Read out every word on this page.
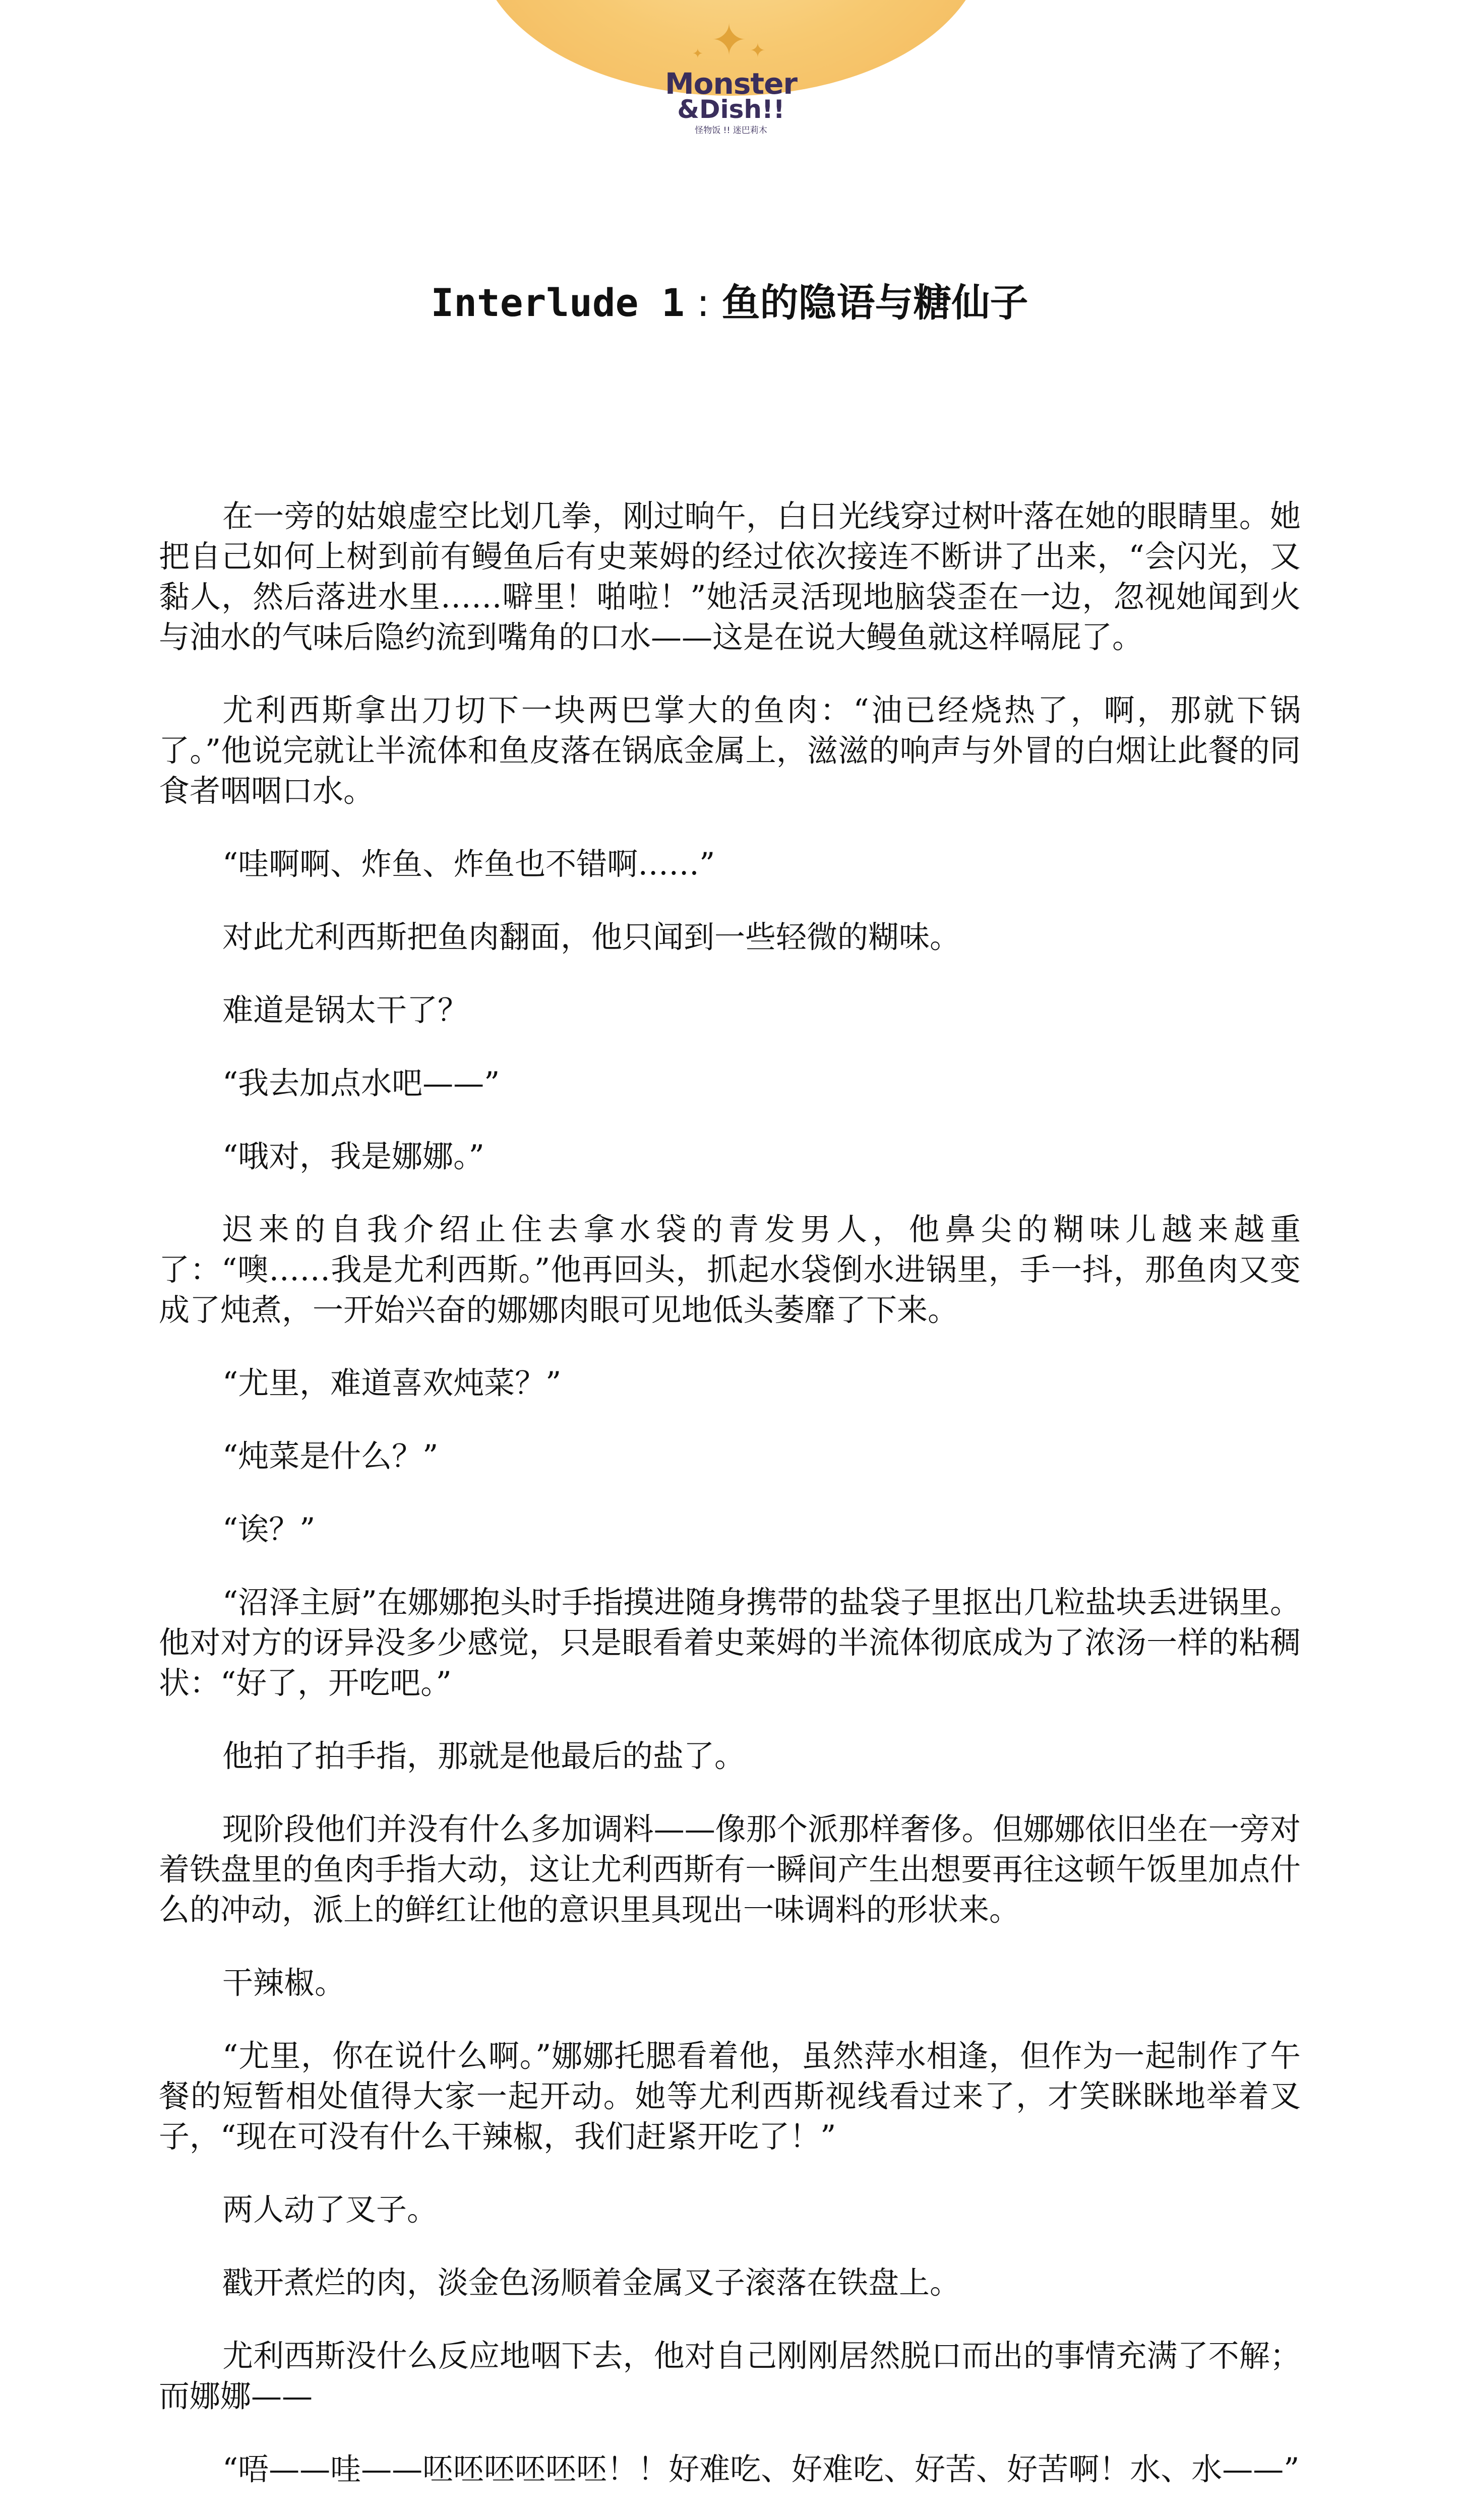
✦ ✦
✦
Monster
&Dish!!
怪物饭 !! 迷巴莉木
Interlude 1 : 鱼的隐语与糖仙子

在一旁的姑娘虚空比划几拳，刚过晌午，白日光线穿过树叶落在她的眼睛里。她把自己如何上树到前有鳗鱼后有史莱姆的经过依次接连不断讲了出来，“会闪光，又黏人，然后落进水里……噼里！啪啦！”她活灵活现地脑袋歪在一边，忽视她闻到火与油水的气味后隐约流到嘴角的口水——这是在说大鳗鱼就这样嗝屁了。

尤利西斯拿出刀切下一块两巴掌大的鱼肉：“油已经烧热了，啊，那就下锅了。”他说完就让半流体和鱼皮落在锅底金属上，滋滋的响声与外冒的白烟让此餐的同食者咽咽口水。

“哇啊啊、炸鱼、炸鱼也不错啊……”

对此尤利西斯把鱼肉翻面，他只闻到一些轻微的糊味。

难道是锅太干了？

“我去加点水吧——”

“哦对，我是娜娜。”

迟来的自我介绍止住去拿水袋的青发男人，他鼻尖的糊味儿越来越重了：“噢……我是尤利西斯。”他再回头，抓起水袋倒水进锅里，手一抖，那鱼肉又变成了炖煮，一开始兴奋的娜娜肉眼可见地低头萎靡了下来。

“尤里，难道喜欢炖菜？”

“炖菜是什么？”

“诶？”

“沼泽主厨”在娜娜抱头时手指摸进随身携带的盐袋子里抠出几粒盐块丢进锅里。他对对方的讶异没多少感觉，只是眼看着史莱姆的半流体彻底成为了浓汤一样的粘稠状：“好了，开吃吧。”

他拍了拍手指，那就是他最后的盐了。

现阶段他们并没有什么多加调料——像那个派那样奢侈。但娜娜依旧坐在一旁对着铁盘里的鱼肉手指大动，这让尤利西斯有一瞬间产生出想要再往这顿午饭里加点什么的冲动，派上的鲜红让他的意识里具现出一味调料的形状来。

干辣椒。

“尤里，你在说什么啊。”娜娜托腮看着他，虽然萍水相逢，但作为一起制作了午餐的短暂相处值得大家一起开动。她等尤利西斯视线看过来了，才笑眯眯地举着叉子，“现在可没有什么干辣椒，我们赶紧开吃了！”

两人动了叉子。

戳开煮烂的肉，淡金色汤顺着金属叉子滚落在铁盘上。

尤利西斯没什么反应地咽下去，他对自己刚刚居然脱口而出的事情充满了不解；而娜娜——

“唔——哇——呸呸呸呸呸呸！！好难吃、好难吃、好苦、好苦啊！水、水——”
